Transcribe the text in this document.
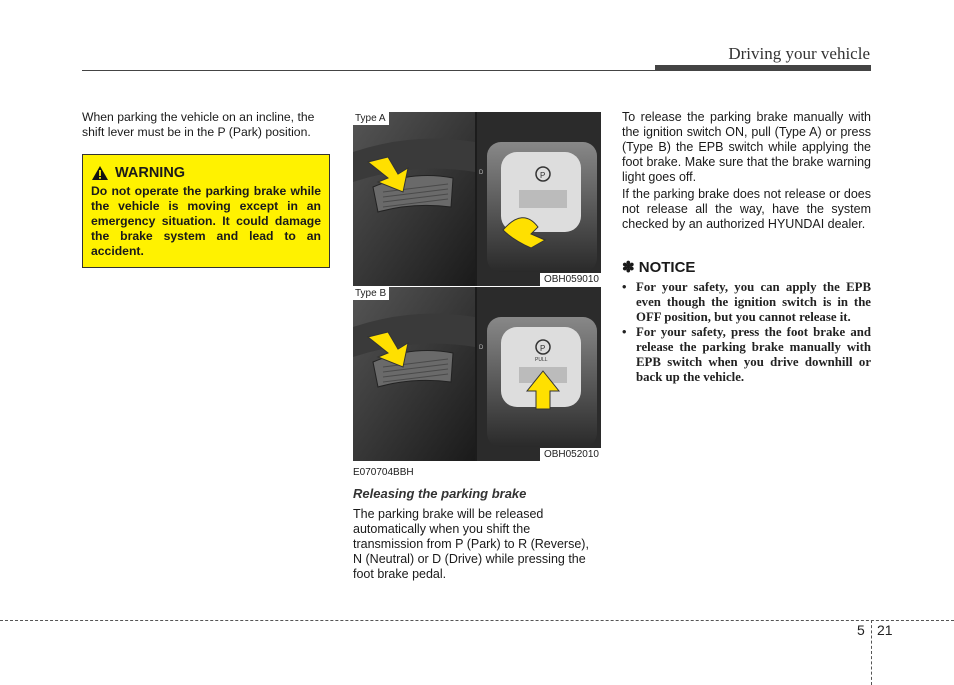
Driving your vehicle

When parking the vehicle on an incline, the shift lever must be in the P (Park) position.

WARNING

Do not operate the parking brake while the vehicle is moving except in an emergency situation. It could damage the brake system and lead to an accident.

P
D
Type A
OBH059010
P
PULL
D
Type B
OBH052010
E070704BBH
Releasing the parking brake

The parking brake will be released automatically when you shift the transmission from P (Park) to R (Reverse), N (Neutral) or D (Drive) while pressing the foot brake pedal.

To release the parking brake manually with the ignition switch ON, pull (Type A) or press (Type B) the EPB switch while applying the foot brake. Make sure that the brake warning light goes off.

If the parking brake does not release or does not release all the way, have the system checked by an authorized HYUNDAI dealer.

✽ NOTICE
• For your safety, you can apply the EPB even though the ignition switch is in the OFF position, but you cannot release it.
• For your safety, press the foot brake and release the parking brake manually with EPB switch when you drive downhill or back up the vehicle.
5 21
